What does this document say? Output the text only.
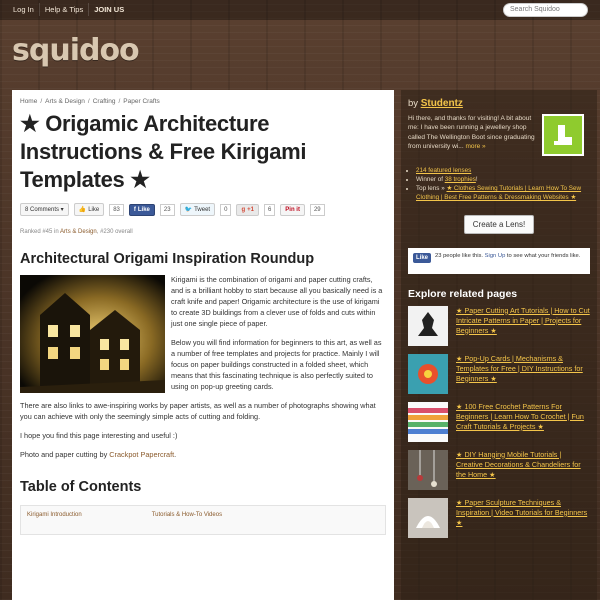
Log In	Help & Tips	JOIN US	Search Squidoo
squidoo
Home / Arts & Design / Crafting / Paper Crafts
★ Origamic Architecture Instructions & Free Kirigami Templates ★
8 Comments ▾	👍 Like	83	f Like	23	🐦 Tweet	0	g +1	6	Pin it	29
Ranked #45 in Arts & Design, #230 overall
Architectural Origami Inspiration Roundup

Kirigami is the combination of origami and paper cutting crafts, and is a brilliant hobby to start because all you basically need is a craft knife and paper! Origamic architecture is the use of kirigami to create 3D buildings from a clever use of folds and cuts within just one single piece of paper.

Below you will find information for beginners to this art, as well as a number of free templates and projects for practice. Mainly I will focus on paper buildings constructed in a folded sheet, which means that this fascinating technique is also perfectly suited to using on pop-up greeting cards.

There are also links to awe-inspiring works by paper artists, as well as a number of photographs showing what you can achieve with only the seemingly simple acts of cutting and folding.

I hope you find this page interesting and useful :)

Photo and paper cutting by Crackpot Papercraft.

Table of Contents
Kirigami Introduction	Tutorials & How-To Videos
by Studentz
Hi there, and thanks for visiting! A bit about me: I have been running a jewellery shop called The Wellington Boot since graduating from university wi... more »
• 214 featured lenses
• Winner of 38 trophies!
• Top lens » ★ Clothes Sewing Tutorials | Learn How To Sew Clothing | Best Free Patterns & Dressmaking Websites ★
Create a Lens!
Like	23 people like this. Sign Up to see what your friends like.
Explore related pages
★ Paper Cutting Art Tutorials | How to Cut Intricate Patterns in Paper | Projects for Beginners ★
★ Pop-Up Cards | Mechanisms & Templates for Free | DIY Instructions for Beginners ★
★ 100 Free Crochet Patterns For Beginners | Learn How To Crochet | Fun Craft Tutorials & Projects ★
★ DIY Hanging Mobile Tutorials | Creative Decorations & Chandeliers for the Home ★
★ Paper Sculpture Techniques & Inspiration | Video Tutorials for Beginners ★
